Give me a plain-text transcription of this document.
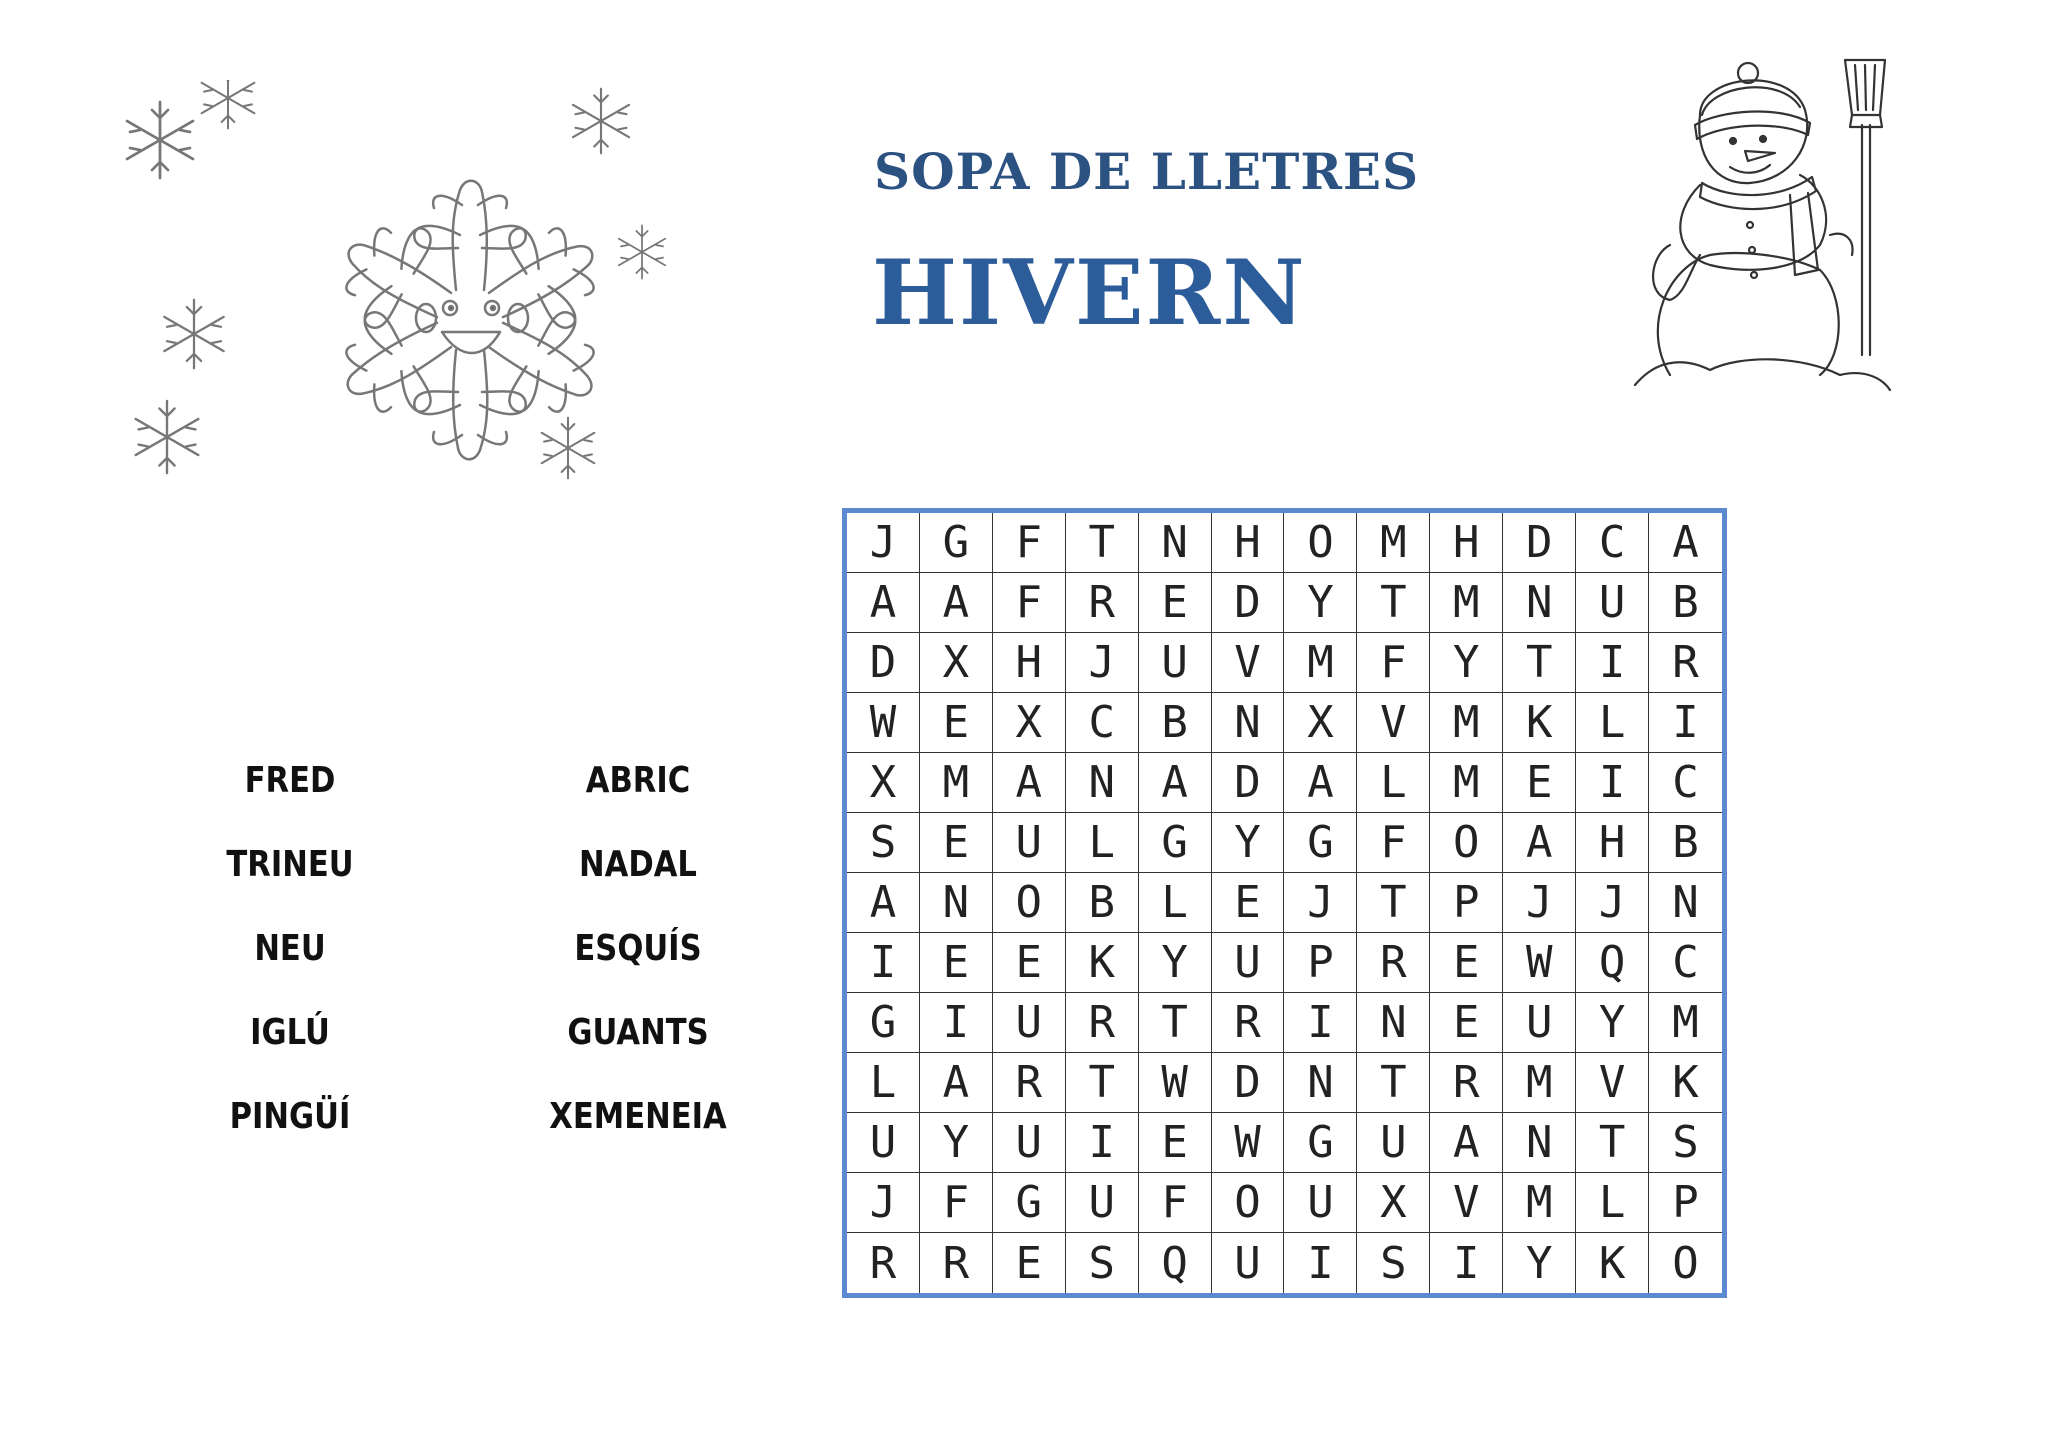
SOPA DE LLETRES
HIVERN
FRED
TRINEU
NEU
IGLÚ
PINGÜÍ
ABRIC
NADAL
ESQUÍS
GUANTS
XEMENEIA
J	G	F	T	N	H	O	M	H	D	C	A
A	A	F	R	E	D	Y	T	M	N	U	B
D	X	H	J	U	V	M	F	Y	T	I	R
W	E	X	C	B	N	X	V	M	K	L	I
X	M	A	N	A	D	A	L	M	E	I	C
S	E	U	L	G	Y	G	F	O	A	H	B
A	N	O	B	L	E	J	T	P	J	J	N
I	E	E	K	Y	U	P	R	E	W	Q	C
G	I	U	R	T	R	I	N	E	U	Y	M
L	A	R	T	W	D	N	T	R	M	V	K
U	Y	U	I	E	W	G	U	A	N	T	S
J	F	G	U	F	O	U	X	V	M	L	P
R	R	E	S	Q	U	I	S	I	Y	K	O
